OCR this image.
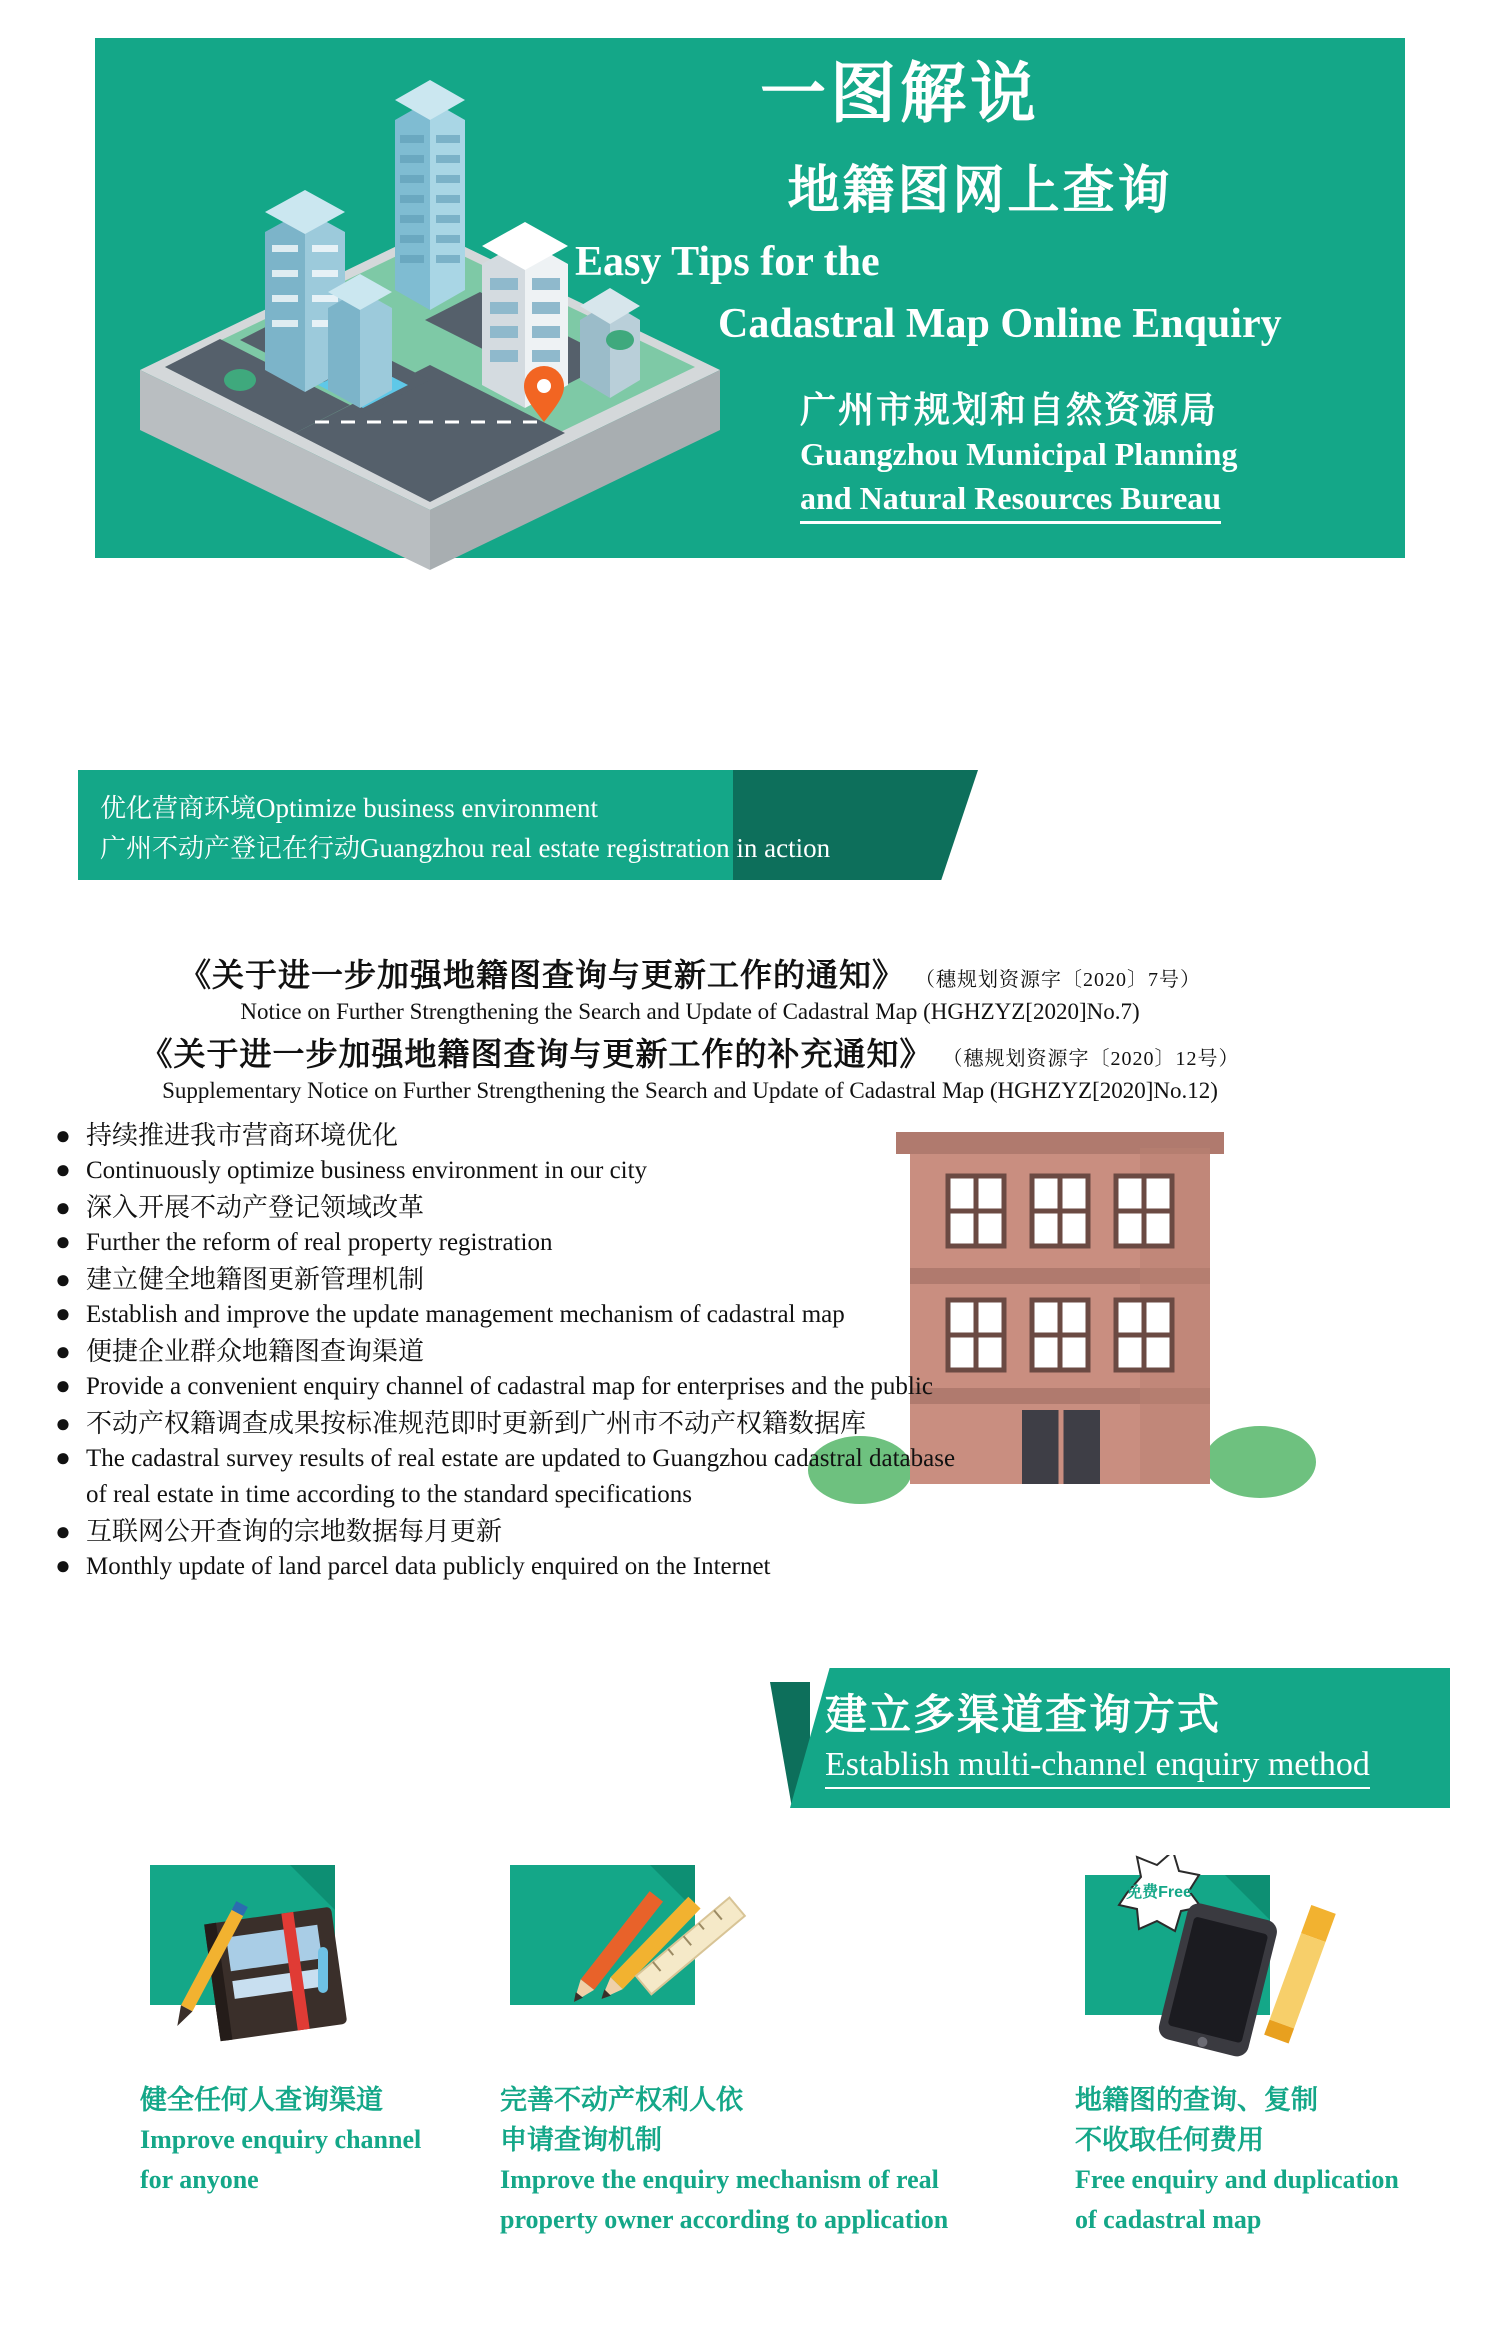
一图解说
地籍图网上查询
Easy Tips for the
Cadastral Map Online Enquiry
广州市规划和自然资源局
Guangzhou Municipal Planning
and Natural Resources Bureau
优化营商环境Optimize business environment
广州不动产登记在行动Guangzhou real estate registration in action
《关于进一步加强地籍图查询与更新工作的通知》 （穗规划资源字〔2020〕7号）
Notice on Further Strengthening the Search and Update of Cadastral Map (HGHZYZ[2020]No.7)
《关于进一步加强地籍图查询与更新工作的补充通知》 （穗规划资源字〔2020〕12号）
Supplementary Notice on Further Strengthening the Search and Update of Cadastral Map (HGHZYZ[2020]No.12)
● 持续推进我市营商环境优化
● Continuously optimize business environment in our city
● 深入开展不动产登记领域改革
● Further the reform of real property registration
● 建立健全地籍图更新管理机制
● Establish and improve the update management mechanism of cadastral map
● 便捷企业群众地籍图查询渠道
● Provide a convenient enquiry channel of cadastral map for enterprises and the public
● 不动产权籍调查成果按标准规范即时更新到广州市不动产权籍数据库
● The cadastral survey results of real estate are updated to Guangzhou cadastral database
of real estate in time according to the standard specifications
● 互联网公开查询的宗地数据每月更新
● Monthly update of land parcel data publicly enquired on the Internet
建立多渠道查询方式
Establish multi-channel enquiry method
健全任何人查询渠道
Improve enquiry channel
for anyone
完善不动产权利人依
申请查询机制
Improve the enquiry mechanism of real
property owner according to application
免费Free
地籍图的查询、复制
不收取任何费用
Free enquiry and duplication
of cadastral map
